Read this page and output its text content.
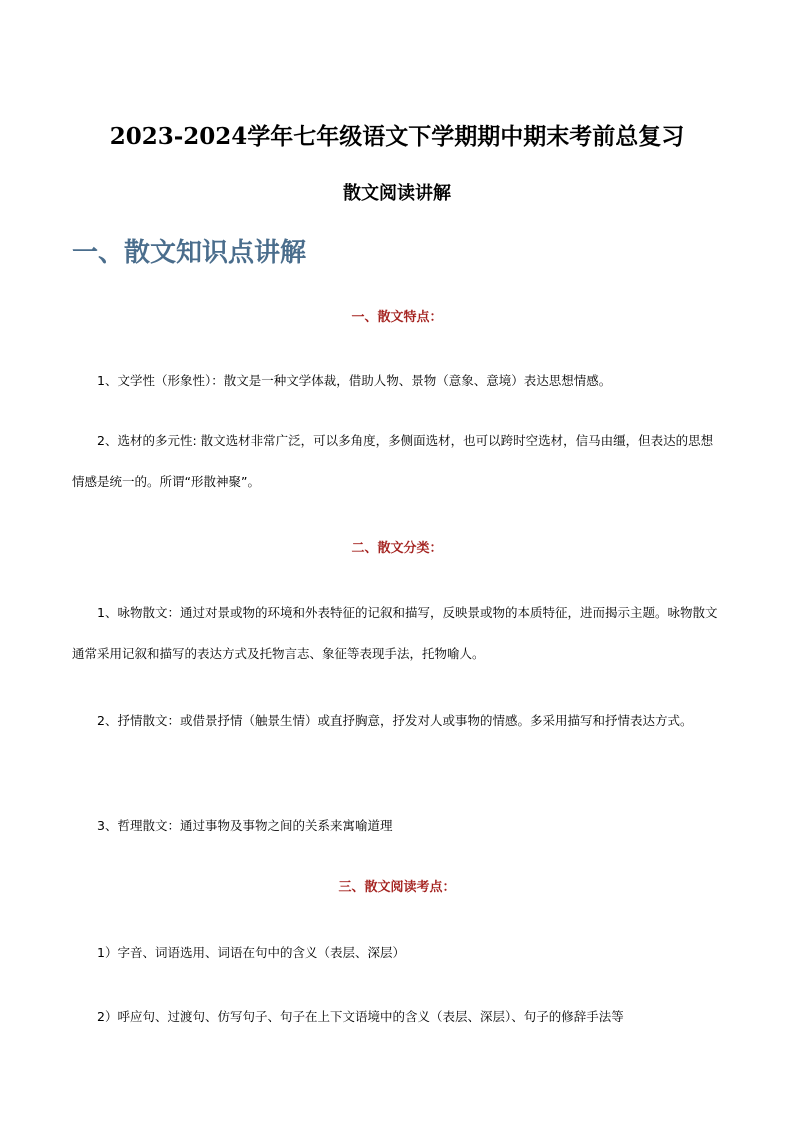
2023-2024学年七年级语文下学期期中期末考前总复习
散文阅读讲解
一、散文知识点讲解
一、散文特点：
1、文学性（形象性）：散文是一种文学体裁，借助人物、景物（意象、意境）表达思想情感。
2、选材的多元性: 散文选材非常广泛，可以多角度，多侧面选材，也可以跨时空选材，信马由缰，但表达的思想情感是统一的。所谓“形散神聚”。
二、散文分类：
1、咏物散文：通过对景或物的环境和外表特征的记叙和描写，反映景或物的本质特征，进而揭示主题。咏物散文通常采用记叙和描写的表达方式及托物言志、象征等表现手法，托物喻人。
2、抒情散文：或借景抒情（触景生情）或直抒胸意，抒发对人或事物的情感。多采用描写和抒情表达方式。
3、哲理散文：通过事物及事物之间的关系来寓喻道理
三、散文阅读考点：
1）字音、词语选用、词语在句中的含义（表层、深层）
2）呼应句、过渡句、仿写句子、句子在上下文语境中的含义（表层、深层）、句子的修辞手法等
